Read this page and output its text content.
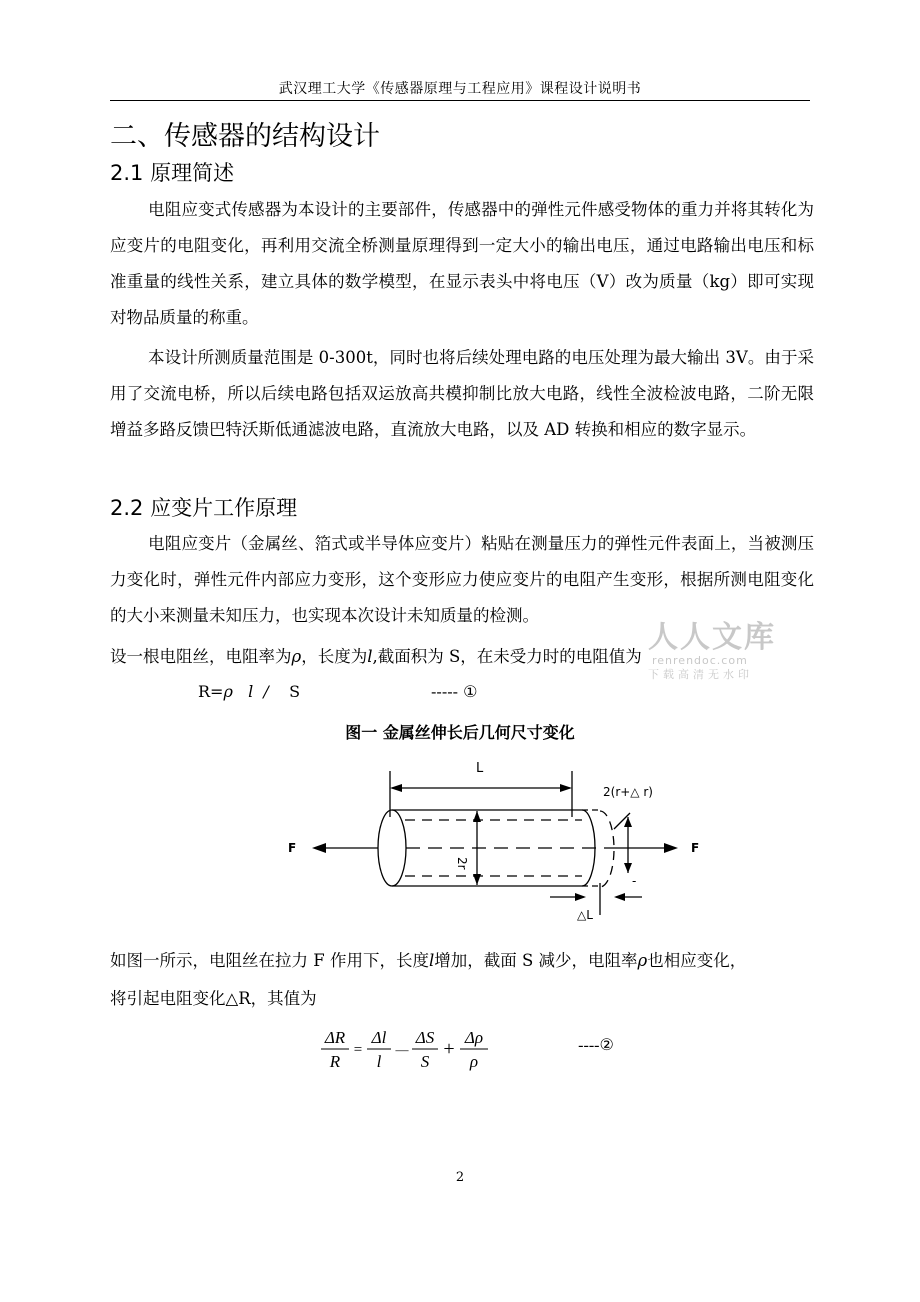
武汉理工大学《传感器原理与工程应用》课程设计说明书
二、传感器的结构设计
2.1 原理简述
电阻应变式传感器为本设计的主要部件，传感器中的弹性元件感受物体的重力并将其转化为应变片的电阻变化，再利用交流全桥测量原理得到一定大小的输出电压，通过电路输出电压和标准重量的线性关系，建立具体的数学模型，在显示表头中将电压（V）改为质量（kg）即可实现对物品质量的称重。
本设计所测质量范围是 0-300t，同时也将后续处理电路的电压处理为最大输出 3V。由于采用了交流电桥，所以后续电路包括双运放高共模抑制比放大电路，线性全波检波电路，二阶无限增益多路反馈巴特沃斯低通滤波电路，直流放大电路，以及 AD 转换和相应的数字显示。
2.2 应变片工作原理
电阻应变片（金属丝、箔式或半导体应变片）粘贴在测量压力的弹性元件表面上，当被测压力变化时，弹性元件内部应力变形，这个变形应力使应变片的电阻产生变形，根据所测电阻变化的大小来测量未知压力，也实现本次设计未知质量的检测。
设一根电阻丝，电阻率为ρ，长度为l,截面积为 S，在未受力时的电阻值为
人人文库
renrendoc.com
下载高清无水印
R=ρ l / S	----- ①
图一 金属丝伸长后几何尺寸变化
L
2(r+△ r)
F	F
2r
△L
-
如图一所示，电阻丝在拉力 F 作用下，长度l增加，截面 S 减少，电阻率ρ也相应变化，
将引起电阻变化△R，其值为
ΔR
R
=
Δl
l
—
ΔS
S
+
Δρ
ρ
----②
2
